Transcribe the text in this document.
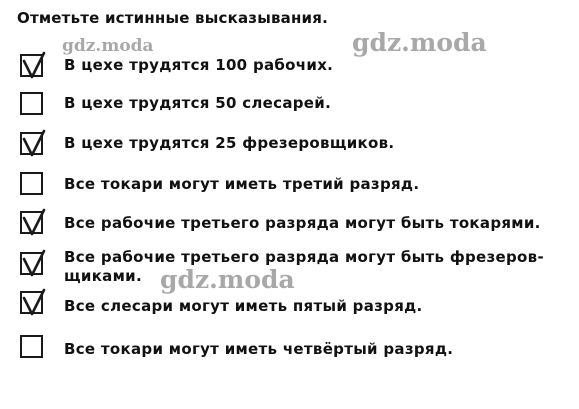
Отметьте истинные высказывания.
gdz.moda	gdz.moda
В цехе трудятся 100 рабочих.
В цехе трудятся 50 слесарей.
В цехе трудятся 25 фрезеровщиков.
Все токари могут иметь третий разряд.
Все рабочие третьего разряда могут быть токарями.
Все рабочие третьего разряда могут быть фрезеров-
щиками.
Все слесари могут иметь пятый разряд.
Все токари могут иметь четвёртый разряд.
gdz.moda
